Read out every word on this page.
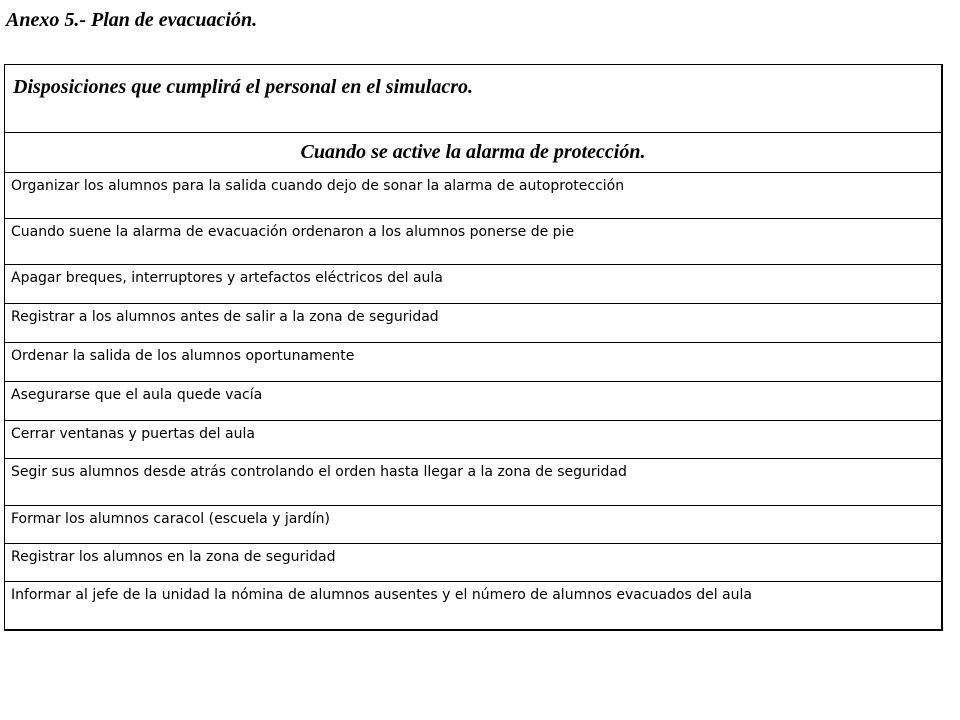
Anexo 5.- Plan de evacuación.
Disposiciones que cumplirá el personal en el simulacro.
Cuando se active la alarma de protección.
Organizar los alumnos para la salida cuando dejo de sonar la alarma de autoprotección
Cuando suene la alarma de evacuación ordenaron a los alumnos ponerse de pie
Apagar breques, interruptores y artefactos eléctricos del aula
Registrar a los alumnos antes de salir a la zona de seguridad
Ordenar la salida de los alumnos oportunamente
Asegurarse que el aula quede vacía
Cerrar ventanas y puertas del aula
Segir sus alumnos desde atrás controlando el orden hasta llegar a la zona de seguridad
Formar los alumnos caracol (escuela y jardín)
Registrar los alumnos en la zona de seguridad
Informar al jefe de la unidad la nómina de alumnos ausentes y el número de alumnos evacuados del aula
